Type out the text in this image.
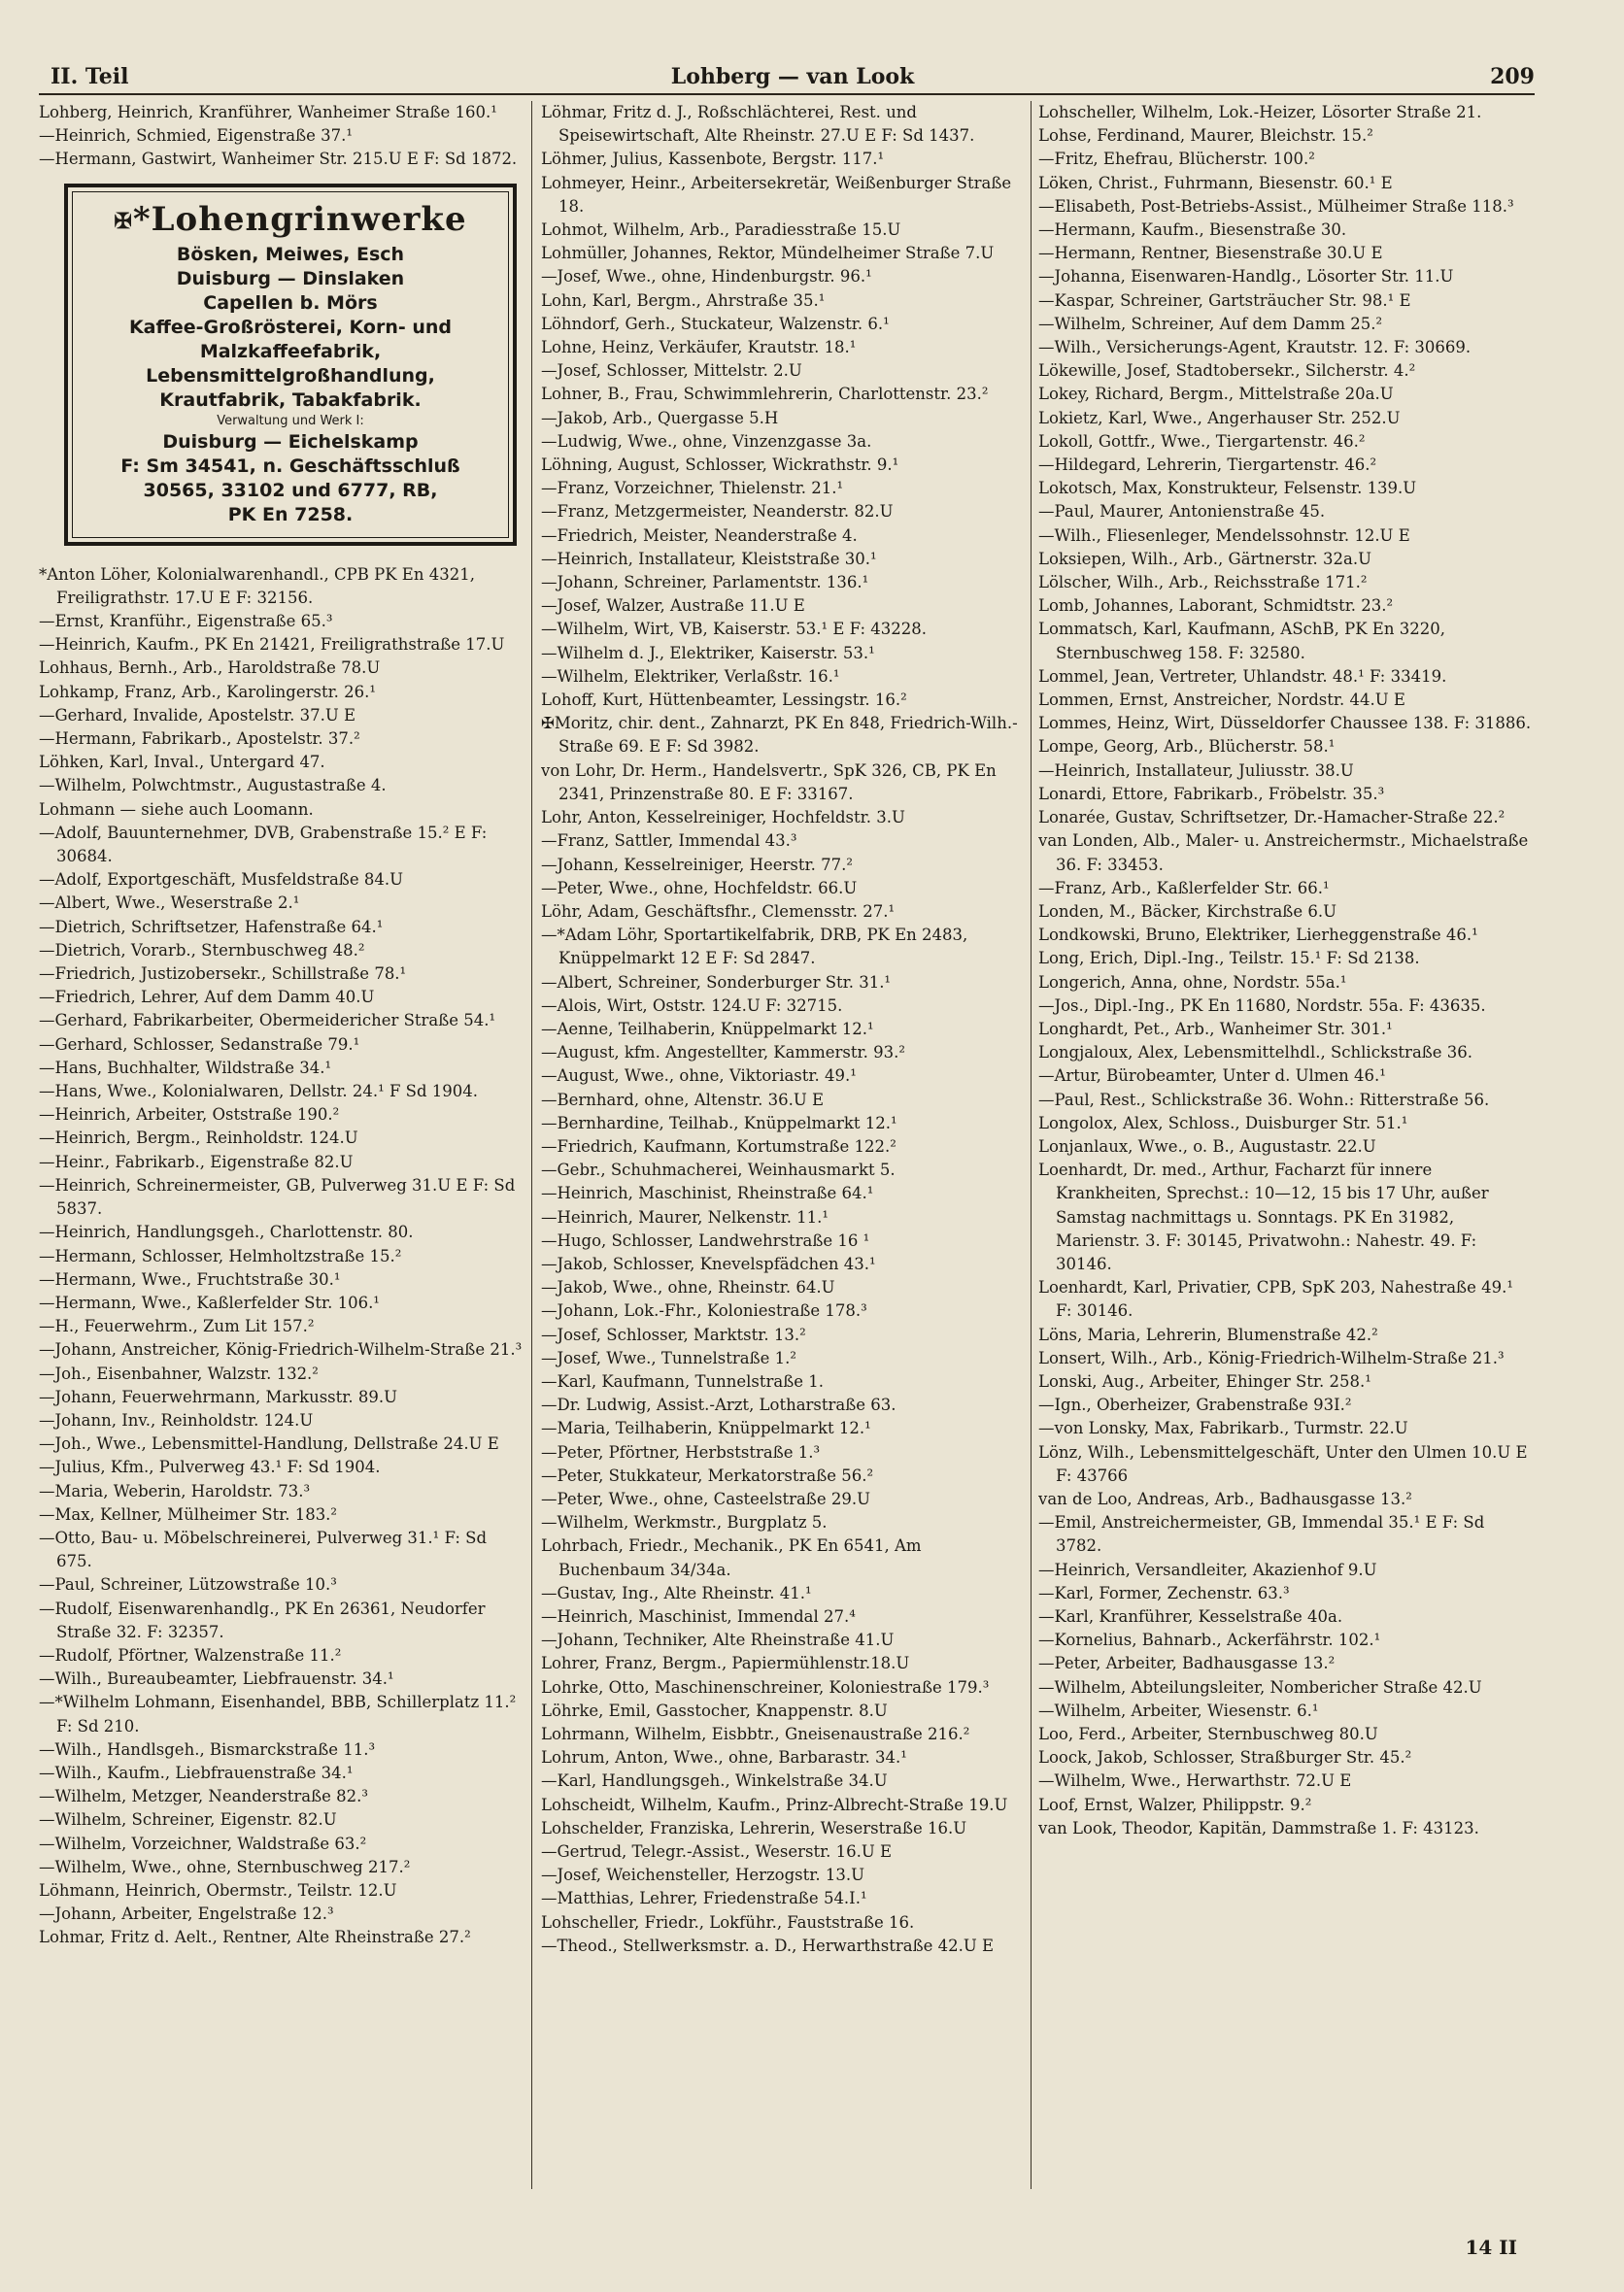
II. Teil	Lohberg — van Look	209
Lohberg, Heinrich, Kranführer, Wanheimer Straße 160.¹
—Heinrich, Schmied, Eigenstraße 37.¹
—Hermann, Gastwirt, Wanheimer Str. 215.U E F: Sd 1872.
✠*Lohengrinwerke
Bösken, Meiwes, Esch
Duisburg — Dinslaken
Capellen b. Mörs
Kaffee-Großrösterei, Korn- und
Malzkaffeefabrik,
Lebensmittelgroßhandlung,
Krautfabrik, Tabakfabrik.
Verwaltung und Werk I:
Duisburg — Eichelskamp
F: Sm 34541, n. Geschäftsschluß
30565, 33102 und 6777, RB,
PK En 7258.
*Anton Löher, Kolonialwarenhandl., CPB PK En 4321, Freiligrathstr. 17.U E F: 32156.
—Ernst, Kranführ., Eigenstraße 65.³
—Heinrich, Kaufm., PK En 21421, Freiligrathstraße 17.U
Lohhaus, Bernh., Arb., Haroldstraße 78.U
Lohkamp, Franz, Arb., Karolingerstr. 26.¹
—Gerhard, Invalide, Apostelstr. 37.U E
—Hermann, Fabrikarb., Apostelstr. 37.²
Löhken, Karl, Inval., Untergard 47.
—Wilhelm, Polwchtmstr., Augustastraße 4.
Lohmann — siehe auch Loomann.
—Adolf, Bauunternehmer, DVB, Grabenstraße 15.² E F: 30684.
—Adolf, Exportgeschäft, Musfeldstraße 84.U
—Albert, Wwe., Weserstraße 2.¹
—Dietrich, Schriftsetzer, Hafenstraße 64.¹
—Dietrich, Vorarb., Sternbuschweg 48.²
—Friedrich, Justizobersekr., Schillstraße 78.¹
—Friedrich, Lehrer, Auf dem Damm 40.U
—Gerhard, Fabrikarbeiter, Obermeidericher Straße 54.¹
—Gerhard, Schlosser, Sedanstraße 79.¹
—Hans, Buchhalter, Wildstraße 34.¹
—Hans, Wwe., Kolonialwaren, Dellstr. 24.¹ F Sd 1904.
—Heinrich, Arbeiter, Oststraße 190.²
—Heinrich, Bergm., Reinholdstr. 124.U
—Heinr., Fabrikarb., Eigenstraße 82.U
—Heinrich, Schreinermeister, GB, Pulverweg 31.U E F: Sd 5837.
—Heinrich, Handlungsgeh., Charlottenstr. 80.
—Hermann, Schlosser, Helmholtzstraße 15.²
—Hermann, Wwe., Fruchtstraße 30.¹
—Hermann, Wwe., Kaßlerfelder Str. 106.¹
—H., Feuerwehrm., Zum Lit 157.²
—Johann, Anstreicher, König-Friedrich-Wilhelm-Straße 21.³
—Joh., Eisenbahner, Walzstr. 132.²
—Johann, Feuerwehrmann, Markusstr. 89.U
—Johann, Inv., Reinholdstr. 124.U
—Joh., Wwe., Lebensmittel-Handlung, Dellstraße 24.U E
—Julius, Kfm., Pulverweg 43.¹ F: Sd 1904.
—Maria, Weberin, Haroldstr. 73.³
—Max, Kellner, Mülheimer Str. 183.²
—Otto, Bau- u. Möbelschreinerei, Pulverweg 31.¹ F: Sd 675.
—Paul, Schreiner, Lützowstraße 10.³
—Rudolf, Eisenwarenhandlg., PK En 26361, Neudorfer Straße 32. F: 32357.
—Rudolf, Pförtner, Walzenstraße 11.²
—Wilh., Bureaubeamter, Liebfrauenstr. 34.¹
—*Wilhelm Lohmann, Eisenhandel, BBB, Schillerplatz 11.² F: Sd 210.
—Wilh., Handlsgeh., Bismarckstraße 11.³
—Wilh., Kaufm., Liebfrauenstraße 34.¹
—Wilhelm, Metzger, Neanderstraße 82.³
—Wilhelm, Schreiner, Eigenstr. 82.U
—Wilhelm, Vorzeichner, Waldstraße 63.²
—Wilhelm, Wwe., ohne, Sternbuschweg 217.²
Löhmann, Heinrich, Obermstr., Teilstr. 12.U
—Johann, Arbeiter, Engelstraße 12.³
Lohmar, Fritz d. Aelt., Rentner, Alte Rheinstraße 27.²
Löhmar, Fritz d. J., Roßschlächterei, Rest. und Speisewirtschaft, Alte Rheinstr. 27.U E F: Sd 1437.
Löhmer, Julius, Kassenbote, Bergstr. 117.¹
Lohmeyer, Heinr., Arbeitersekretär, Weißenburger Straße 18.
Lohmot, Wilhelm, Arb., Paradiesstraße 15.U
Lohmüller, Johannes, Rektor, Mündelheimer Straße 7.U
—Josef, Wwe., ohne, Hindenburgstr. 96.¹
Lohn, Karl, Bergm., Ahrstraße 35.¹
Löhndorf, Gerh., Stuckateur, Walzenstr. 6.¹
Lohne, Heinz, Verkäufer, Krautstr. 18.¹
—Josef, Schlosser, Mittelstr. 2.U
Lohner, B., Frau, Schwimmlehrerin, Charlottenstr. 23.²
—Jakob, Arb., Quergasse 5.H
—Ludwig, Wwe., ohne, Vinzenzgasse 3a.
Löhning, August, Schlosser, Wickrathstr. 9.¹
—Franz, Vorzeichner, Thielenstr. 21.¹
—Franz, Metzgermeister, Neanderstr. 82.U
—Friedrich, Meister, Neanderstraße 4.
—Heinrich, Installateur, Kleiststraße 30.¹
—Johann, Schreiner, Parlamentstr. 136.¹
—Josef, Walzer, Austraße 11.U E
—Wilhelm, Wirt, VB, Kaiserstr. 53.¹ E F: 43228.
—Wilhelm d. J., Elektriker, Kaiserstr. 53.¹
—Wilhelm, Elektriker, Verlaßstr. 16.¹
Lohoff, Kurt, Hüttenbeamter, Lessingstr. 16.²
✠Moritz, chir. dent., Zahnarzt, PK En 848, Friedrich-Wilh.-Straße 69. E F: Sd 3982.
von Lohr, Dr. Herm., Handelsvertr., SpK 326, CB, PK En 2341, Prinzenstraße 80. E F: 33167.
Lohr, Anton, Kesselreiniger, Hochfeldstr. 3.U
—Franz, Sattler, Immendal 43.³
—Johann, Kesselreiniger, Heerstr. 77.²
—Peter, Wwe., ohne, Hochfeldstr. 66.U
Löhr, Adam, Geschäftsfhr., Clemensstr. 27.¹
—*Adam Löhr, Sportartikelfabrik, DRB, PK En 2483, Knüppelmarkt 12 E F: Sd 2847.
—Albert, Schreiner, Sonderburger Str. 31.¹
—Alois, Wirt, Oststr. 124.U F: 32715.
—Aenne, Teilhaberin, Knüppelmarkt 12.¹
—August, kfm. Angestellter, Kammerstr. 93.²
—August, Wwe., ohne, Viktoriastr. 49.¹
—Bernhard, ohne, Altenstr. 36.U E
—Bernhardine, Teilhab., Knüppelmarkt 12.¹
—Friedrich, Kaufmann, Kortumstraße 122.²
—Gebr., Schuhmacherei, Weinhausmarkt 5.
—Heinrich, Maschinist, Rheinstraße 64.¹
—Heinrich, Maurer, Nelkenstr. 11.¹
—Hugo, Schlosser, Landwehrstraße 16 ¹
—Jakob, Schlosser, Knevelspfädchen 43.¹
—Jakob, Wwe., ohne, Rheinstr. 64.U
—Johann, Lok.-Fhr., Koloniestraße 178.³
—Josef, Schlosser, Marktstr. 13.²
—Josef, Wwe., Tunnelstraße 1.²
—Karl, Kaufmann, Tunnelstraße 1.
—Dr. Ludwig, Assist.-Arzt, Lotharstraße 63.
—Maria, Teilhaberin, Knüppelmarkt 12.¹
—Peter, Pförtner, Herbststraße 1.³
—Peter, Stukkateur, Merkatorstraße 56.²
—Peter, Wwe., ohne, Casteelstraße 29.U
—Wilhelm, Werkmstr., Burgplatz 5.
Lohrbach, Friedr., Mechanik., PK En 6541, Am Buchenbaum 34/34a.
—Gustav, Ing., Alte Rheinstr. 41.¹
—Heinrich, Maschinist, Immendal 27.⁴
—Johann, Techniker, Alte Rheinstraße 41.U
Lohrer, Franz, Bergm., Papiermühlenstr.18.U
Lohrke, Otto, Maschinenschreiner, Koloniestraße 179.³
Löhrke, Emil, Gasstocher, Knappenstr. 8.U
Lohrmann, Wilhelm, Eisbbtr., Gneisenaustraße 216.²
Lohrum, Anton, Wwe., ohne, Barbarastr. 34.¹
—Karl, Handlungsgeh., Winkelstraße 34.U
Lohscheidt, Wilhelm, Kaufm., Prinz-Albrecht-Straße 19.U
Lohschelder, Franziska, Lehrerin, Weserstraße 16.U
—Gertrud, Telegr.-Assist., Weserstr. 16.U E
—Josef, Weichensteller, Herzogstr. 13.U
—Matthias, Lehrer, Friedenstraße 54.I.¹
Lohscheller, Friedr., Lokführ., Fauststraße 16.
—Theod., Stellwerksmstr. a. D., Herwarthstraße 42.U E
Lohscheller, Wilhelm, Lok.-Heizer, Lösorter Straße 21.
Lohse, Ferdinand, Maurer, Bleichstr. 15.²
—Fritz, Ehefrau, Blücherstr. 100.²
Löken, Christ., Fuhrmann, Biesenstr. 60.¹ E
—Elisabeth, Post-Betriebs-Assist., Mülheimer Straße 118.³
—Hermann, Kaufm., Biesenstraße 30.
—Hermann, Rentner, Biesenstraße 30.U E
—Johanna, Eisenwaren-Handlg., Lösorter Str. 11.U
—Kaspar, Schreiner, Gartsträucher Str. 98.¹ E
—Wilhelm, Schreiner, Auf dem Damm 25.²
—Wilh., Versicherungs-Agent, Krautstr. 12. F: 30669.
Lökewille, Josef, Stadtobersekr., Silcherstr. 4.²
Lokey, Richard, Bergm., Mittelstraße 20a.U
Lokietz, Karl, Wwe., Angerhauser Str. 252.U
Lokoll, Gottfr., Wwe., Tiergartenstr. 46.²
—Hildegard, Lehrerin, Tiergartenstr. 46.²
Lokotsch, Max, Konstrukteur, Felsenstr. 139.U
—Paul, Maurer, Antonienstraße 45.
—Wilh., Fliesenleger, Mendelssohnstr. 12.U E
Loksiepen, Wilh., Arb., Gärtnerstr. 32a.U
Lölscher, Wilh., Arb., Reichsstraße 171.²
Lomb, Johannes, Laborant, Schmidtstr. 23.²
Lommatsch, Karl, Kaufmann, ASchB, PK En 3220, Sternbuschweg 158. F: 32580.
Lommel, Jean, Vertreter, Uhlandstr. 48.¹ F: 33419.
Lommen, Ernst, Anstreicher, Nordstr. 44.U E
Lommes, Heinz, Wirt, Düsseldorfer Chaussee 138. F: 31886.
Lompe, Georg, Arb., Blücherstr. 58.¹
—Heinrich, Installateur, Juliusstr. 38.U
Lonardi, Ettore, Fabrikarb., Fröbelstr. 35.³
Lonarée, Gustav, Schriftsetzer, Dr.-Hamacher-Straße 22.²
van Londen, Alb., Maler- u. Anstreichermstr., Michaelstraße 36. F: 33453.
—Franz, Arb., Kaßlerfelder Str. 66.¹
Londen, M., Bäcker, Kirchstraße 6.U
Londkowski, Bruno, Elektriker, Lierheggenstraße 46.¹
Long, Erich, Dipl.-Ing., Teilstr. 15.¹ F: Sd 2138.
Longerich, Anna, ohne, Nordstr. 55a.¹
—Jos., Dipl.-Ing., PK En 11680, Nordstr. 55a. F: 43635.
Longhardt, Pet., Arb., Wanheimer Str. 301.¹
Longjaloux, Alex, Lebensmittelhdl., Schlickstraße 36.
—Artur, Bürobeamter, Unter d. Ulmen 46.¹
—Paul, Rest., Schlickstraße 36. Wohn.: Ritterstraße 56.
Longolox, Alex, Schloss., Duisburger Str. 51.¹
Lonjanlaux, Wwe., o. B., Augustastr. 22.U
Loenhardt, Dr. med., Arthur, Facharzt für innere Krankheiten, Sprechst.: 10—12, 15 bis 17 Uhr, außer Samstag nachmittags u. Sonntags. PK En 31982, Marienstr. 3. F: 30145, Privatwohn.: Nahestr. 49. F: 30146.
Loenhardt, Karl, Privatier, CPB, SpK 203, Nahestraße 49.¹ F: 30146.
Löns, Maria, Lehrerin, Blumenstraße 42.²
Lonsert, Wilh., Arb., König-Friedrich-Wilhelm-Straße 21.³
Lonski, Aug., Arbeiter, Ehinger Str. 258.¹
—Ign., Oberheizer, Grabenstraße 93I.²
—von Lonsky, Max, Fabrikarb., Turmstr. 22.U
Lönz, Wilh., Lebensmittelgeschäft, Unter den Ulmen 10.U E F: 43766
van de Loo, Andreas, Arb., Badhausgasse 13.²
—Emil, Anstreichermeister, GB, Immendal 35.¹ E F: Sd 3782.
—Heinrich, Versandleiter, Akazienhof 9.U
—Karl, Former, Zechenstr. 63.³
—Karl, Kranführer, Kesselstraße 40a.
—Kornelius, Bahnarb., Ackerfährstr. 102.¹
—Peter, Arbeiter, Badhausgasse 13.²
—Wilhelm, Abteilungsleiter, Nombericher Straße 42.U
—Wilhelm, Arbeiter, Wiesenstr. 6.¹
Loo, Ferd., Arbeiter, Sternbuschweg 80.U
Loock, Jakob, Schlosser, Straßburger Str. 45.²
—Wilhelm, Wwe., Herwarthstr. 72.U E
Loof, Ernst, Walzer, Philippstr. 9.²
van Look, Theodor, Kapitän, Dammstraße 1. F: 43123.
14 II
